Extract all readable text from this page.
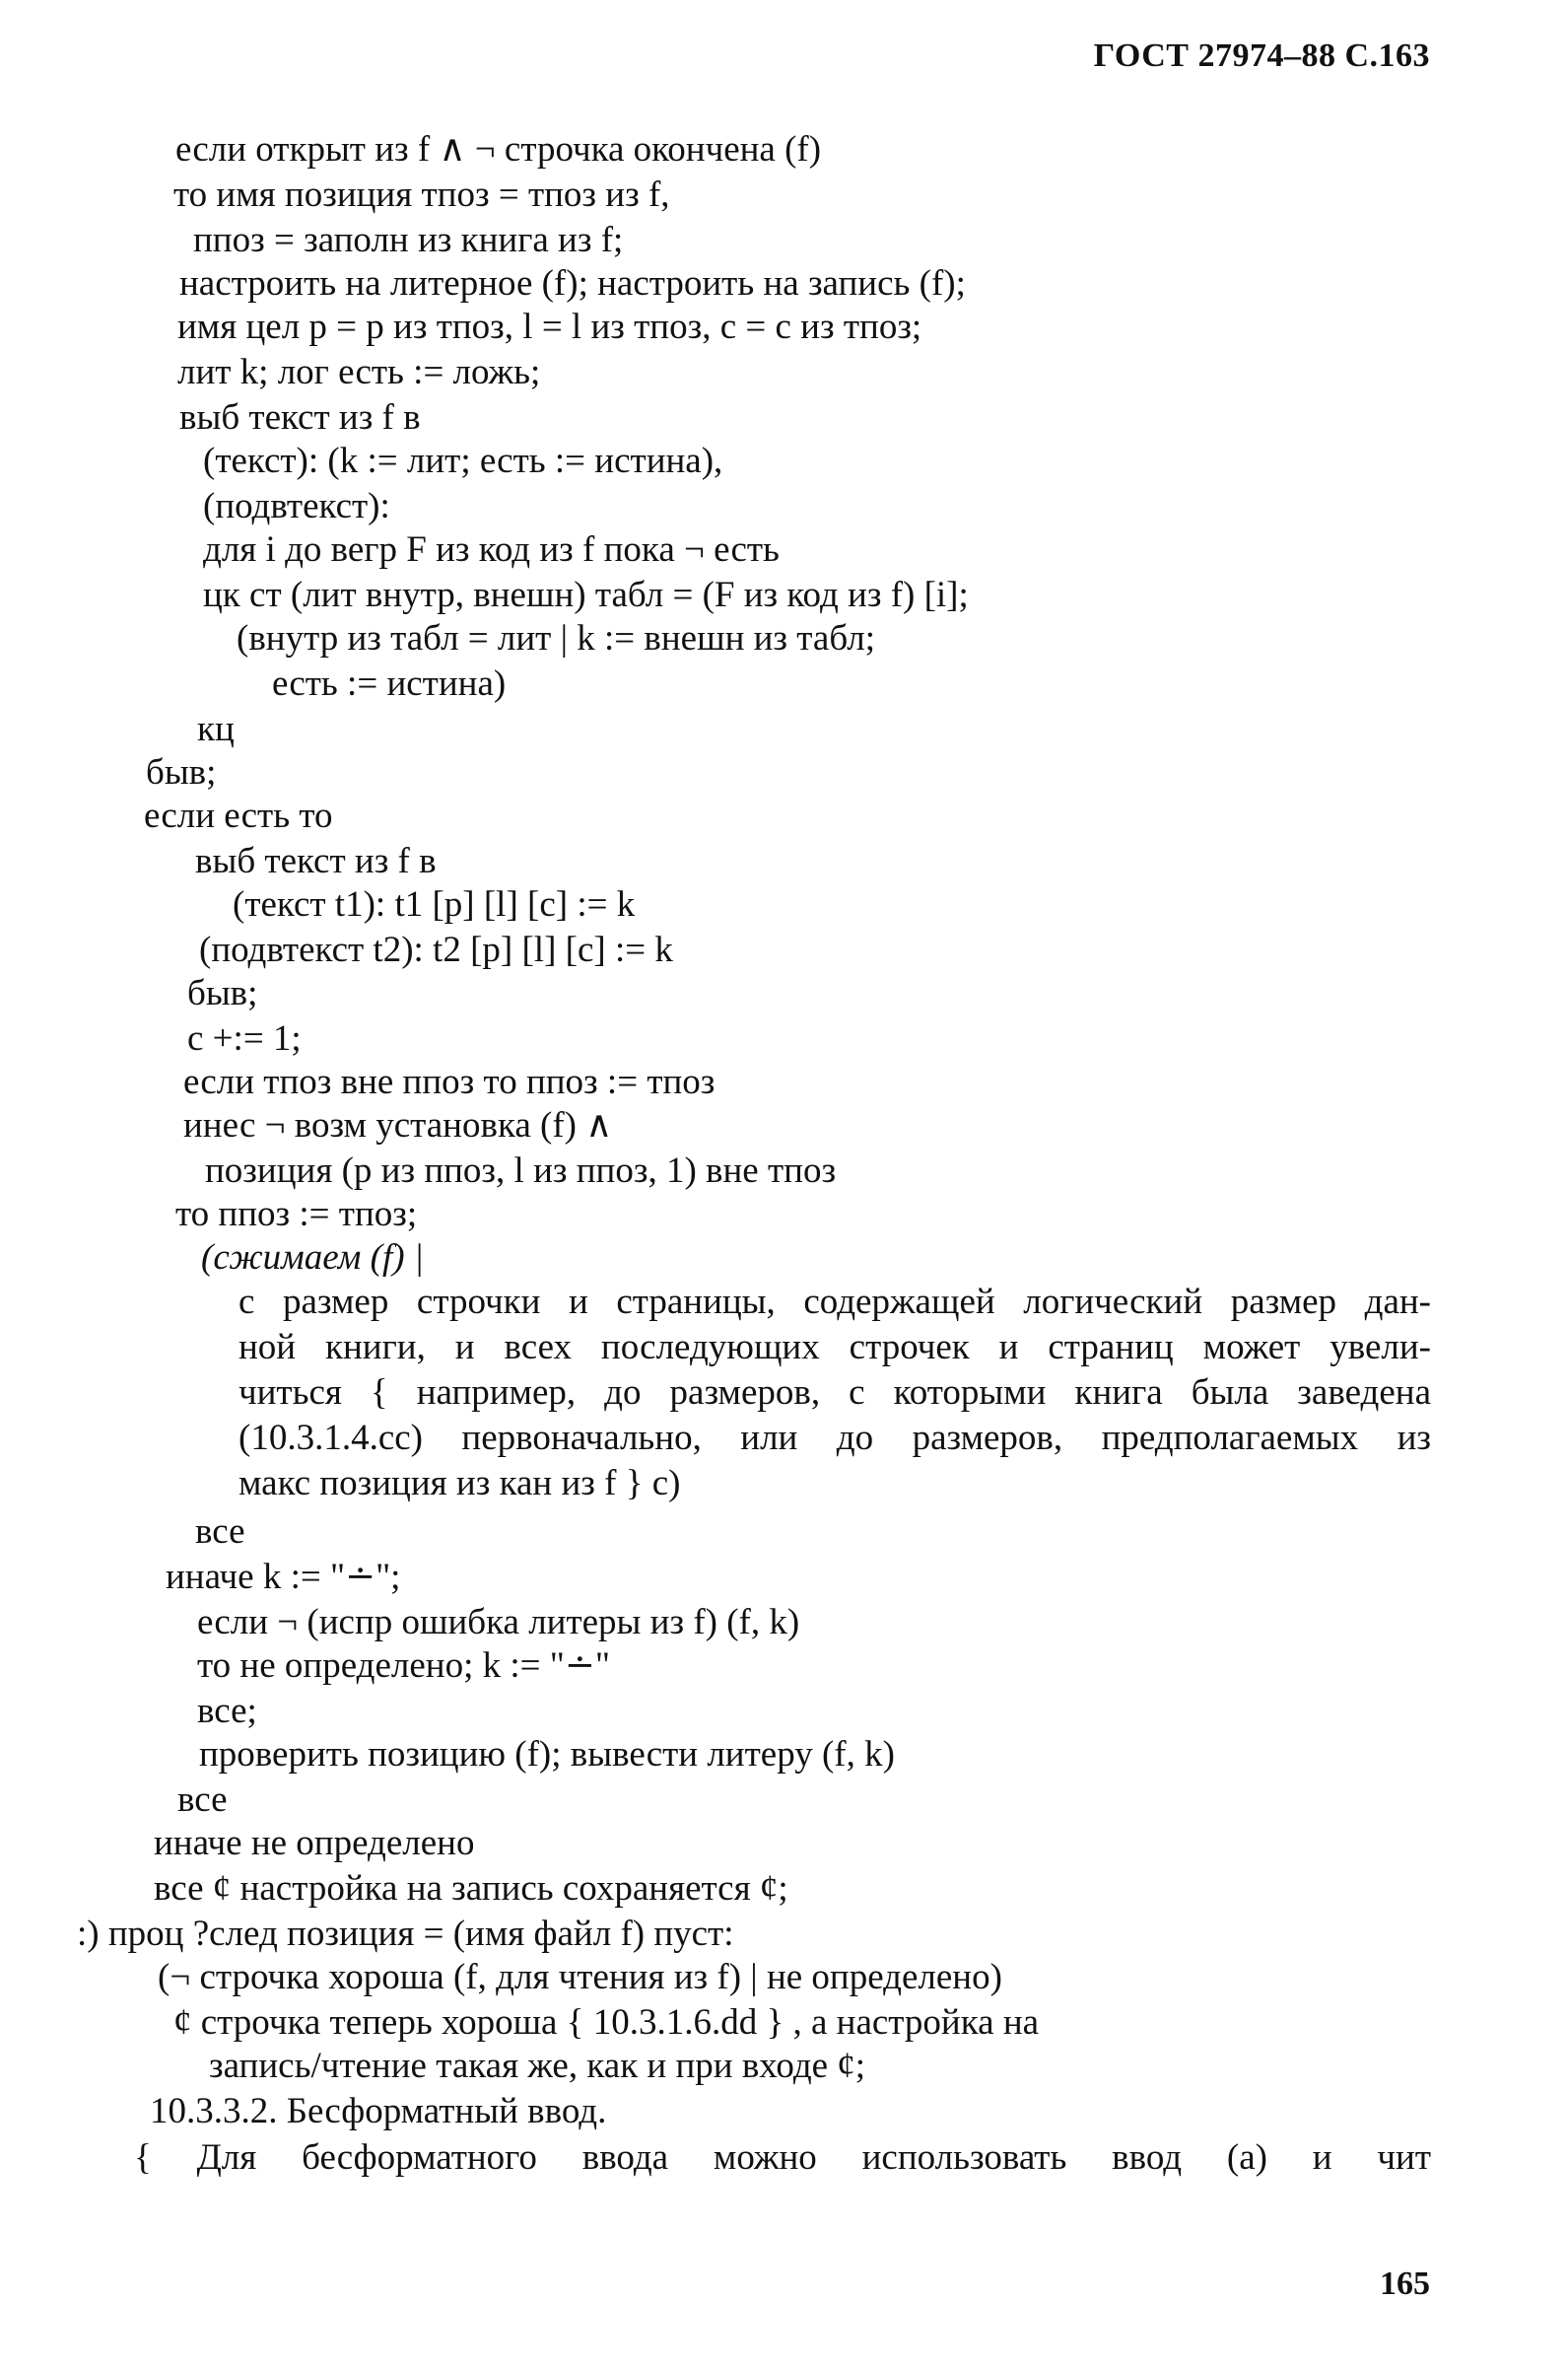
ГОСТ 27974–88 С.163
если открыт из f ∧ ¬ строчка окончена (f)
то имя позиция тпоз = тпоз из f,
ппоз = заполн из книга из f;
настроить на литерное (f); настроить на запись (f);
имя цел p = p из тпоз, l = l из тпоз, c = c из тпоз;
лит k; лог есть := ложь;
выб текст из f в
(текст): (k := лит; есть := истина),
(подвтекст):
для i до вегр F из код из f пока ¬ есть
цк ст (лит внутр, внешн) табл = (F из код из f) [i];
(внутр из табл = лит | k := внешн из табл;
есть := истина)
кц
быв;
если есть то
выб текст из f в
(текст t1): t1 [p] [l] [c] := k
(подвтекст t2): t2 [p] [l] [c] := k
быв;
c +:= 1;
если тпоз вне ппоз то ппоз := тпоз
инес ¬ возм установка (f) ∧
позиция (p из ппоз, l из ппоз, 1) вне тпоз
то ппоз := тпоз;
(сжимаем (f) |
с размер строчки и страницы, содержащей логический размер дан-
ной книги, и всех последующих строчек и страниц может увели-
читься { например, до размеров, с которыми книга была заведена
(10.3.1.4.cc) первоначально, или до размеров, предполагаемых из
макс позиция из кан из f } с)
все
иначе k := "∸";
если ¬ (испр ошибка литеры из f) (f, k)
то не определено; k := "∸"
все;
проверить позицию (f); вывести литеру (f, k)
все
иначе не определено
все ¢ настройка на запись сохраняется ¢;
:) проц ?след позиция = (имя файл f) пуст:
(¬ строчка хороша (f, для чтения из f) | не определено)
¢ строчка теперь хороша { 10.3.1.6.dd } , а настройка на
запись/чтение такая же, как и при входе ¢;
10.3.3.2. Бесформатный ввод.
{ Для бесформатного ввода можно использовать ввод (а) и чит
165
